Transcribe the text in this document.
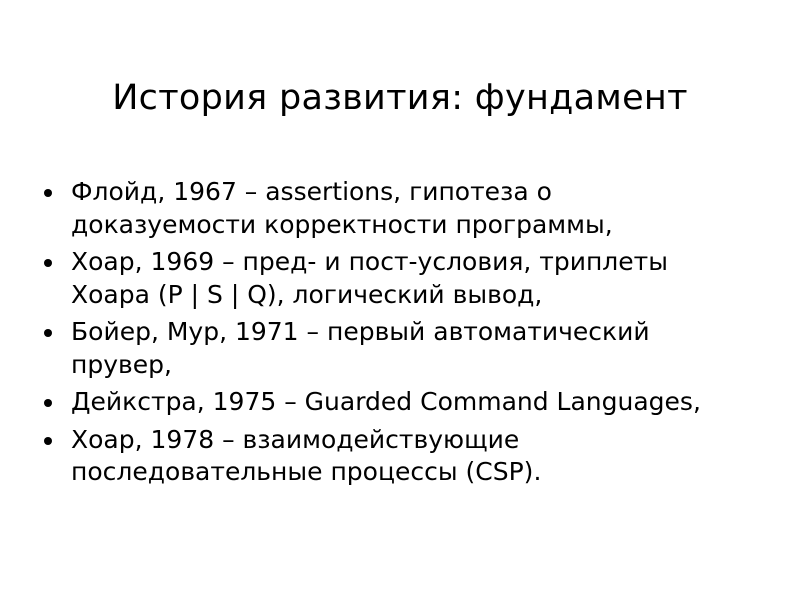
История развития: фундамент
Флойд, 1967 – assertions, гипотеза о
доказуемости корректности программы,
Хоар, 1969 – пред- и пост-условия, триплеты
Хоара (P | S | Q), логический вывод,
Бойер, Мур, 1971 – первый автоматический
прувер,
Дейкстра, 1975 – Guarded Command Languages,
Хоар, 1978 – взаимодействующие
последовательные процессы (CSP).
